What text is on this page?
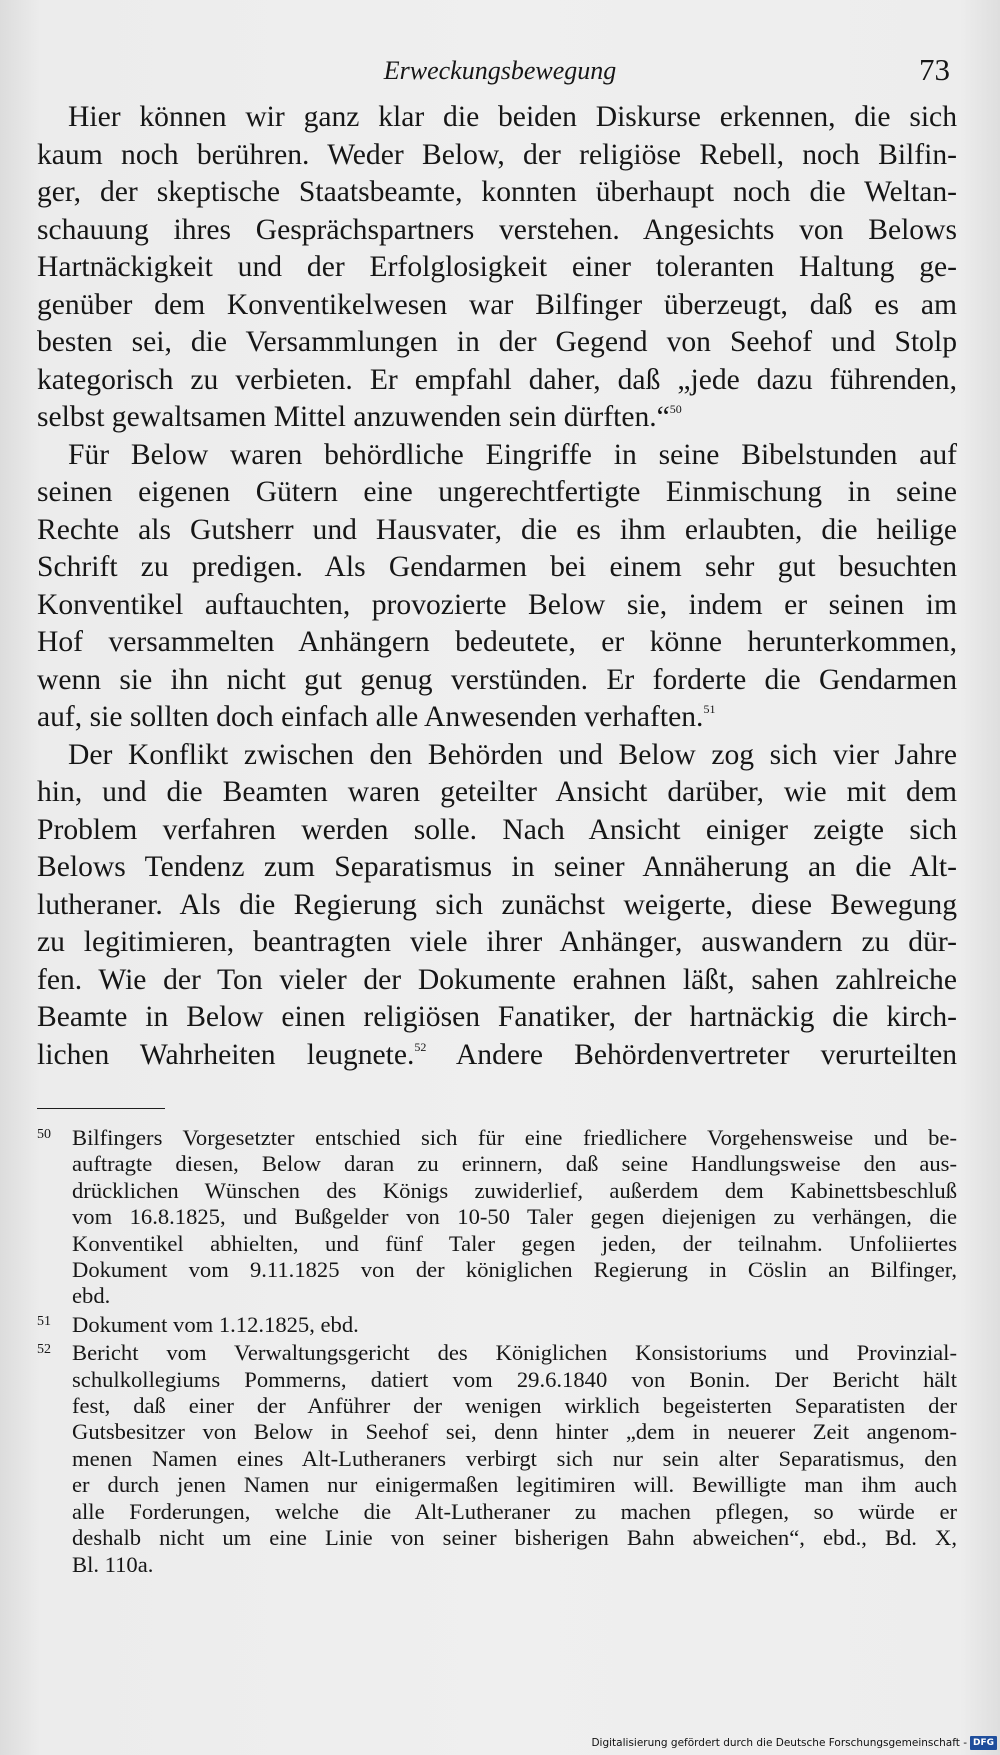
Erweckungsbewegung	73

Hier können wir ganz klar die beiden Diskurse erkennen, die sich
kaum noch berühren. Weder Below, der religiöse Rebell, noch Bilfin-
ger, der skeptische Staatsbeamte, konnten überhaupt noch die Weltan-
schauung ihres Gesprächspartners verstehen. Angesichts von Belows
Hartnäckigkeit und der Erfolglosigkeit einer toleranten Haltung ge-
genüber dem Konventikelwesen war Bilfinger überzeugt, daß es am
besten sei, die Versammlungen in der Gegend von Seehof und Stolp
kategorisch zu verbieten. Er empfahl daher, daß „jede dazu führenden,
selbst gewaltsamen Mittel anzuwenden sein dürften.“$^{50}$

Für Below waren behördliche Eingriffe in seine Bibelstunden auf
seinen eigenen Gütern eine ungerechtfertigte Einmischung in seine
Rechte als Gutsherr und Hausvater, die es ihm erlaubten, die heilige
Schrift zu predigen. Als Gendarmen bei einem sehr gut besuchten
Konventikel auftauchten, provozierte Below sie, indem er seinen im
Hof versammelten Anhängern bedeutete, er könne herunterkommen,
wenn sie ihn nicht gut genug verstünden. Er forderte die Gendarmen
auf, sie sollten doch einfach alle Anwesenden verhaften.$^{51}$

Der Konflikt zwischen den Behörden und Below zog sich vier Jahre
hin, und die Beamten waren geteilter Ansicht darüber, wie mit dem
Problem verfahren werden solle. Nach Ansicht einiger zeigte sich
Belows Tendenz zum Separatismus in seiner Annäherung an die Alt-
lutheraner. Als die Regierung sich zunächst weigerte, diese Bewegung
zu legitimieren, beantragten viele ihrer Anhänger, auswandern zu dür-
fen. Wie der Ton vieler der Dokumente erahnen läßt, sahen zahlreiche
Beamte in Below einen religiösen Fanatiker, der hartnäckig die kirch-
lichen Wahrheiten leugnete.$^{52}$ Andere Behördenvertreter verurteilten

50 Bilfingers Vorgesetzter entschied sich für eine friedlichere Vorgehensweise und be-
auftragte diesen, Below daran zu erinnern, daß seine Handlungsweise den aus-
drücklichen Wünschen des Königs zuwiderlief, außerdem dem Kabinettsbeschluß
vom 16.8.1825, und Bußgelder von 10-50 Taler gegen diejenigen zu verhängen, die
Konventikel abhielten, und fünf Taler gegen jeden, der teilnahm. Unfoliiertes
Dokument vom 9.11.1825 von der königlichen Regierung in Cöslin an Bilfinger,
ebd.
51 Dokument vom 1.12.1825, ebd.
52 Bericht vom Verwaltungsgericht des Königlichen Konsistoriums und Provinzial-
schulkollegiums Pommerns, datiert vom 29.6.1840 von Bonin. Der Bericht hält
fest, daß einer der Anführer der wenigen wirklich begeisterten Separatisten der
Gutsbesitzer von Below in Seehof sei, denn hinter „dem in neuerer Zeit angenom-
menen Namen eines Alt-Lutheraners verbirgt sich nur sein alter Separatismus, den
er durch jenen Namen nur einigermaßen legitimiren will. Bewilligte man ihm auch
alle Forderungen, welche die Alt-Lutheraner zu machen pflegen, so würde er
deshalb nicht um eine Linie von seiner bisherigen Bahn abweichen“, ebd., Bd. X,
Bl. 110a.
Digitalisierung gefördert durch die Deutsche Forschungsgemeinschaft - DFG
